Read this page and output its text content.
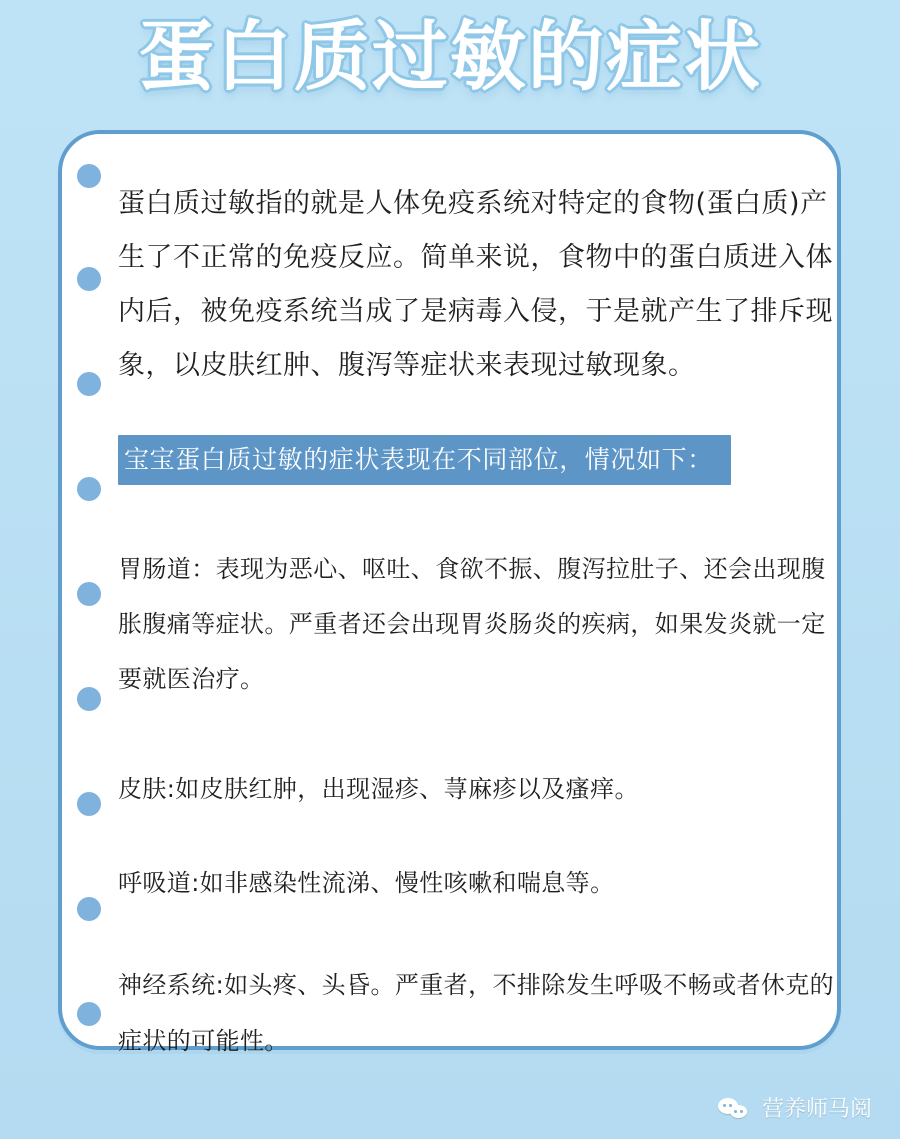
蛋白质过敏的症状

蛋白质过敏指的就是人体免疫系统对特定的食物(蛋白质)产生了不正常的免疫反应。简单来说，食物中的蛋白质进入体内后，被免疫系统当成了是病毒入侵，于是就产生了排斥现象，以皮肤红肿、腹泻等症状来表现过敏现象。

宝宝蛋白质过敏的症状表现在不同部位，情况如下：

胃肠道：表现为恶心、呕吐、食欲不振、腹泻拉肚子、还会出现腹胀腹痛等症状。严重者还会出现胃炎肠炎的疾病，如果发炎就一定要就医治疗。

皮肤:如皮肤红肿，出现湿疹、荨麻疹以及瘙痒。

呼吸道:如非感染性流涕、慢性咳嗽和喘息等。

神经系统:如头疼、头昏。严重者，不排除发生呼吸不畅或者休克的症状的可能性。

营养师马阅
